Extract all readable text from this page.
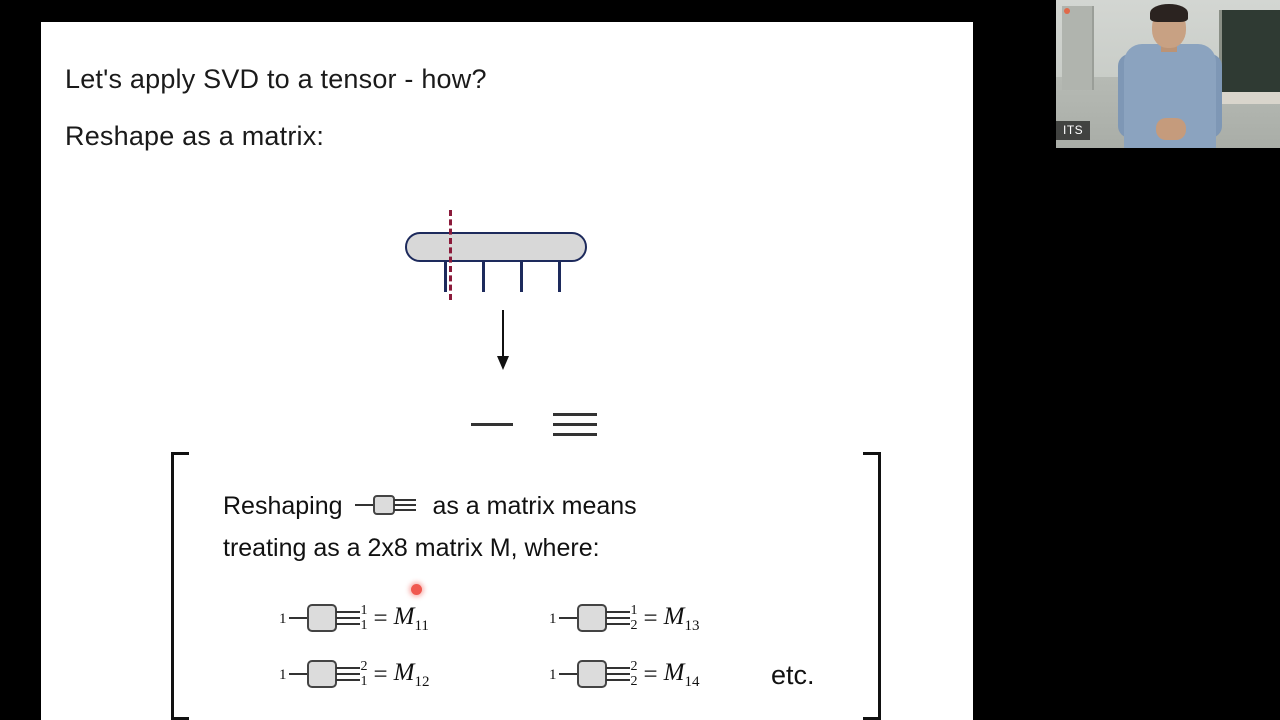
Let's apply SVD to a tensor - how?
Reshape as a matrix:
Reshaping	as a matrix means
treating as a 2x8 matrix M, where:
1	1
$1 = M_{11}$
1	2
$1 = M_{12}$
1	1
$2 = M_{13}$
1	2
$2 = M_{14}$	etc.
ITS
